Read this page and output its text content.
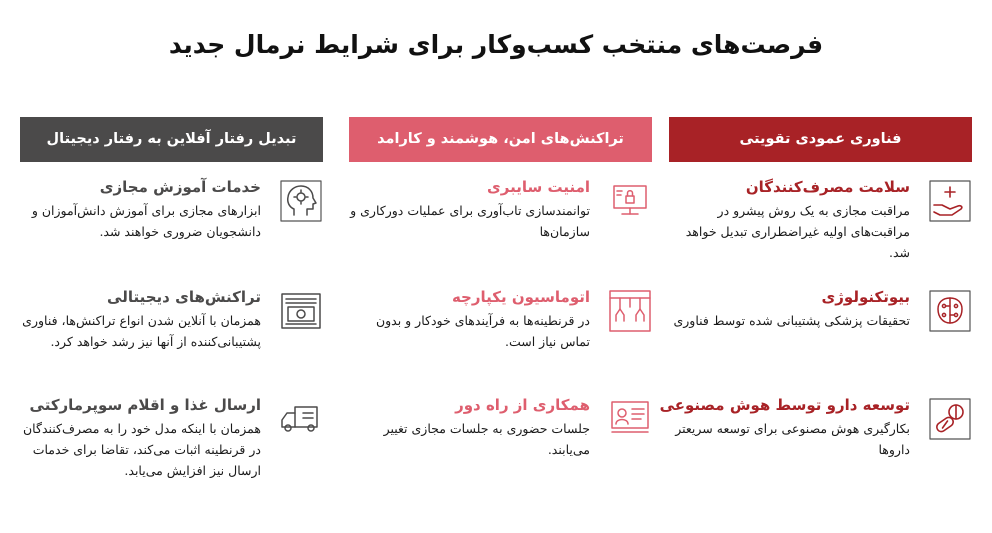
فرصت‌های منتخب کسب‌وکار برای شرایط نرمال جدید
فناوری عمودی تقویتی
سلامت مصرف‌کنندگان
مراقبت مجازی به یک روش پیشرو در مراقبت‌های اولیه غیراضطراری تبدیل خواهد شد.
بیوتکنولوژی
تحقیقات پزشکی پشتیبانی شده توسط فناوری
توسعه دارو توسط هوش مصنوعی
بکارگیری هوش مصنوعی برای توسعه سریعتر داروها
تراکنش‌های امن، هوشمند و کارامد
امنیت سایبری
توانمندسازی تاب‌آوری برای عملیات دورکاری و سازمان‌ها
اتوماسیون یکپارچه
در قرنطینه‌ها به فرآیندهای خودکار و بدون تماس نیاز است.
همکاری از راه دور
جلسات حضوری به جلسات مجازی تغییر می‌یابند.
تبدیل رفتار آفلاین به رفتار دیجیتال
خدمات آموزش مجازی
ابزارهای مجازی برای آموزش دانش‌آموزان و دانشجویان ضروری خواهند شد.
تراکنش‌های دیجیتالی
همزمان با آنلاین شدن انواع تراکنش‌ها، فناوری پشتیبانی‌کننده از آنها نیز رشد خواهد کرد.
ارسال غذا و اقلام سوپرمارکتی
همزمان با اینکه مدل خود را به مصرف‌کنندگان در قرنطینه اثبات می‌کند، تقاضا برای خدمات ارسال نیز افزایش می‌یابد.
